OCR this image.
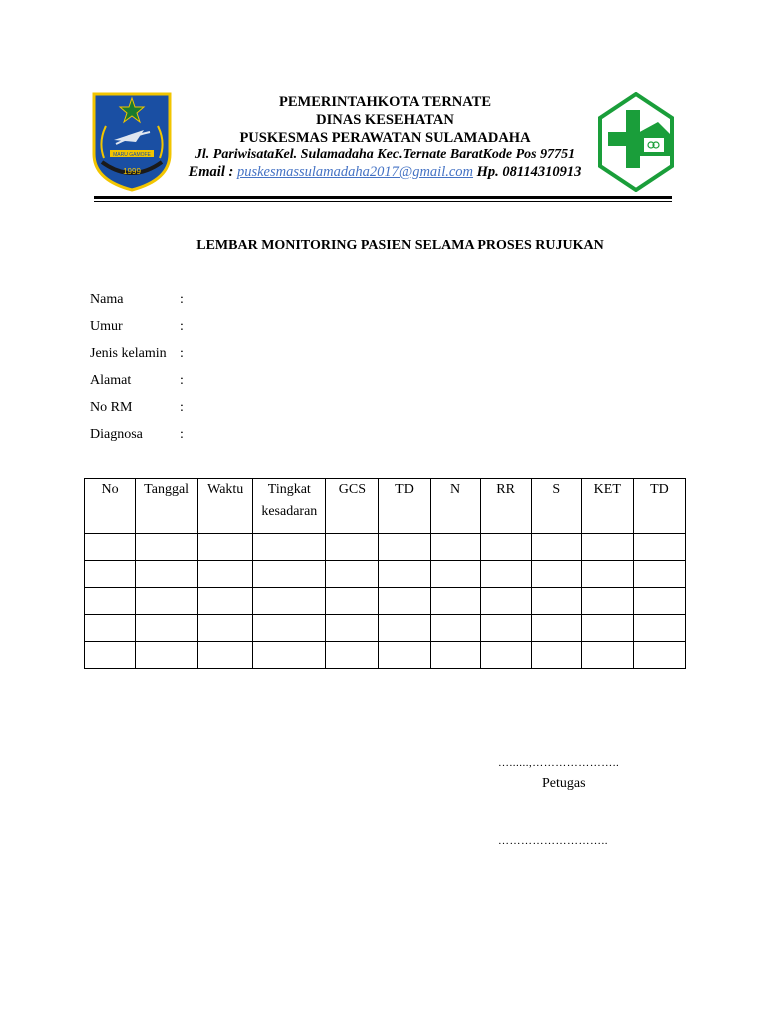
MARU GAMOFE
1999
PEMERINTAHKOTA TERNATE
DINAS KESEHATAN
PUSKESMAS PERAWATAN SULAMADAHA
Jl. PariwisataKel. Sulamadaha Kec.Ternate BaratKode Pos 97751
Email : puskesmassulamadaha2017@gmail.com Hp. 08114310913
LEMBAR MONITORING PASIEN SELAMA PROSES RUJUKAN
Nama	:
Umur	:
Jenis kelamin :
Alamat	:
No RM	:
Diagnosa	:
No	Tanggal	Waktu	Tingkat kesadaran	GCS	TD	N	RR	S	KET	TD

…......,…………………..
Petugas
………………………..
